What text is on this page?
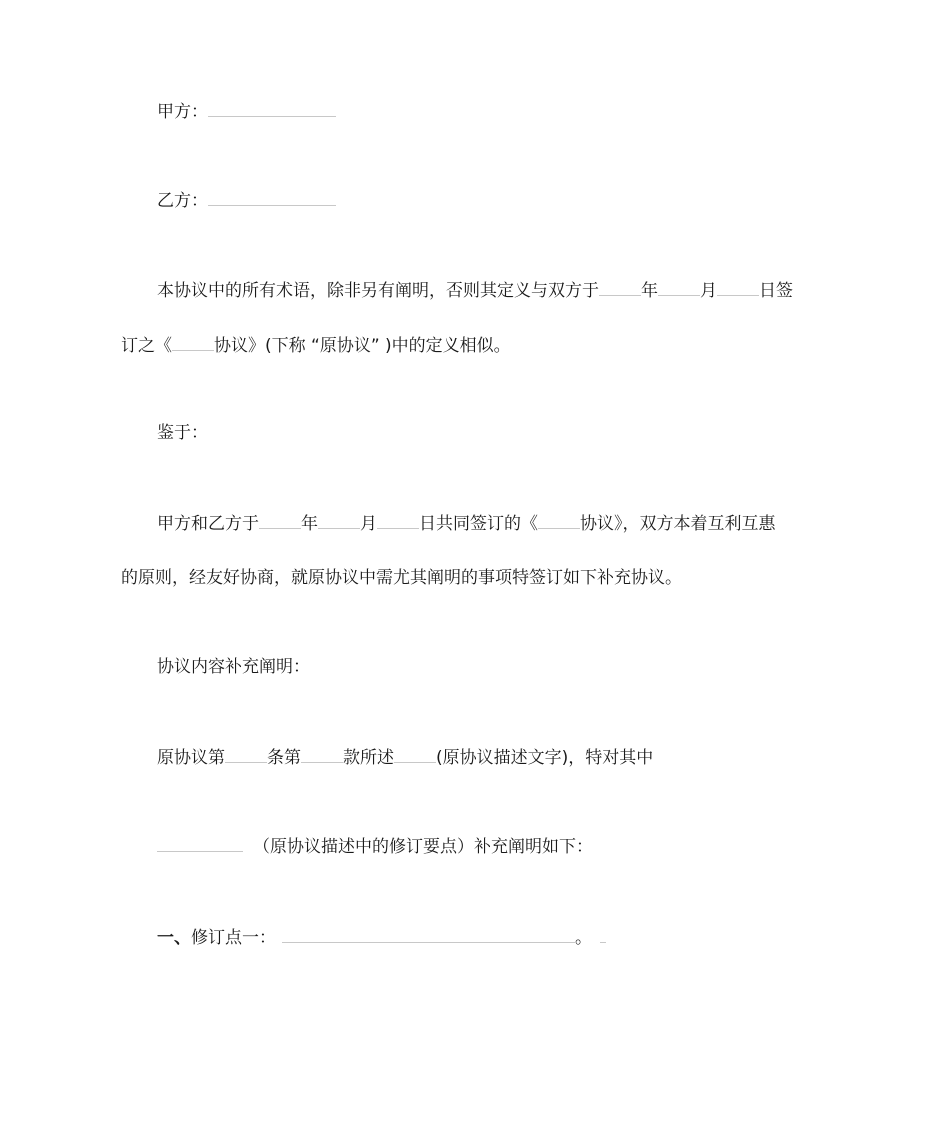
甲方：
乙方：
本协议中的所有术语，除非另有阐明，否则其定义与双方于 年 月 日签
订之《 协议》(下称 “原协议” )中的定义相似。
鉴于：
甲方和乙方于 年 月 日共同签订的《 协议》，双方本着互利互惠
的原则，经友好协商，就原协议中需尤其阐明的事项特签订如下补充协议。
协议内容补充阐明：
原协议第 条第 款所述 (原协议描述文字)，特对其中
（原协议描述中的修订要点）补充阐明如下：
一、修订点一：	。
